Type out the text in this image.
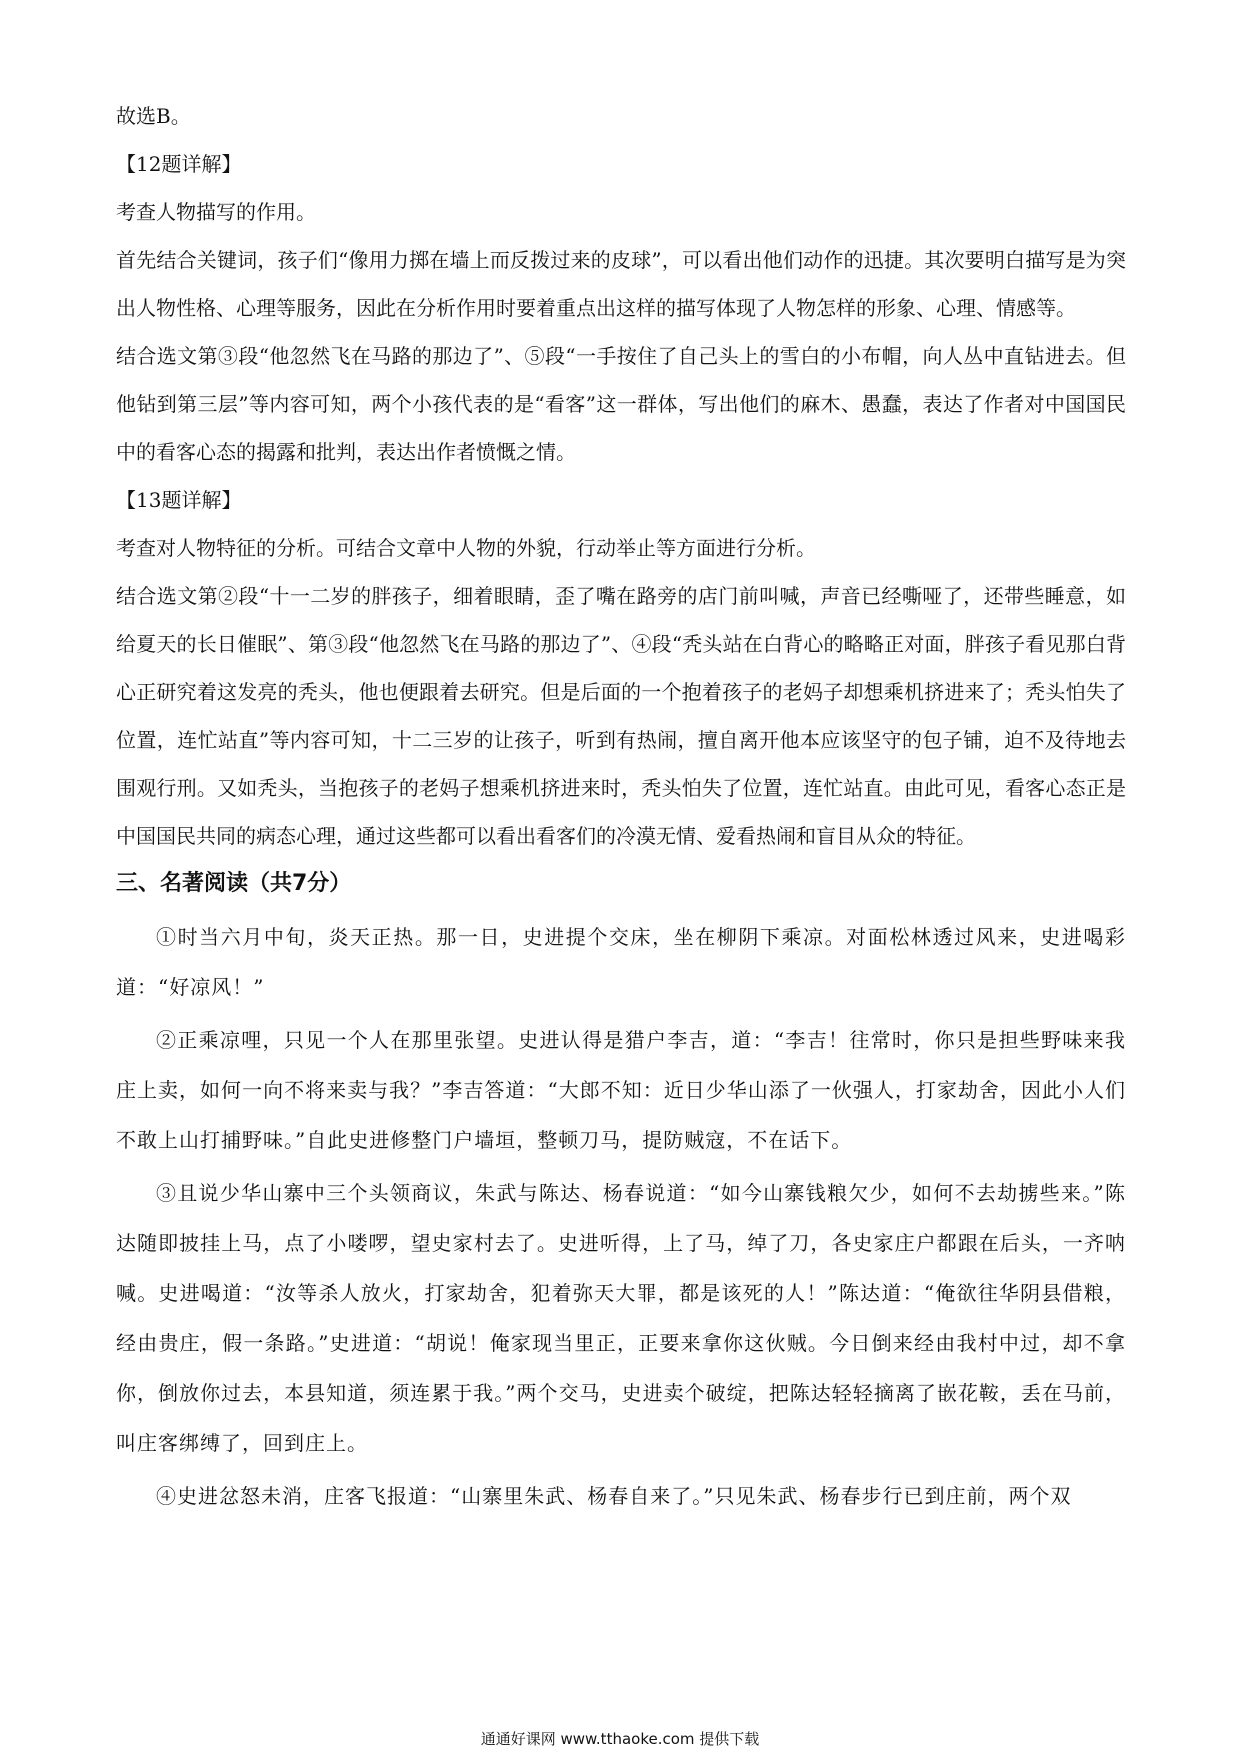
故选B。

【12题详解】

考查人物描写的作用。

首先结合关键词，孩子们“像用力掷在墙上而反拨过来的皮球”，可以看出他们动作的迅捷。其次要明白描写是为突出人物性格、心理等服务，因此在分析作用时要着重点出这样的描写体现了人物怎样的形象、心理、情感等。

结合选文第③段“他忽然飞在马路的那边了”、⑤段“一手按住了自己头上的雪白的小布帽，向人丛中直钻进去。但他钻到第三层”等内容可知，两个小孩代表的是“看客”这一群体，写出他们的麻木、愚蠢，表达了作者对中国国民中的看客心态的揭露和批判，表达出作者愤慨之情。

【13题详解】

考查对人物特征的分析。可结合文章中人物的外貌，行动举止等方面进行分析。

结合选文第②段“十一二岁的胖孩子，细着眼睛，歪了嘴在路旁的店门前叫喊，声音已经嘶哑了，还带些睡意，如给夏天的长日催眠”、第③段“他忽然飞在马路的那边了”、④段“秃头站在白背心的略略正对面，胖孩子看见那白背心正研究着这发亮的秃头，他也便跟着去研究。但是后面的一个抱着孩子的老妈子却想乘机挤进来了；秃头怕失了位置，连忙站直”等内容可知，十二三岁的让孩子，听到有热闹，擅自离开他本应该坚守的包子铺，迫不及待地去围观行刑。又如秃头，当抱孩子的老妈子想乘机挤进来时，秃头怕失了位置，连忙站直。由此可见，看客心态正是中国国民共同的病态心理，通过这些都可以看出看客们的冷漠无情、爱看热闹和盲目从众的特征。

三、名著阅读（共7分）

①时当六月中旬，炎天正热。那一日，史进提个交床，坐在柳阴下乘凉。对面松林透过风来，史进喝彩道：“好凉风！”

②正乘凉哩，只见一个人在那里张望。史进认得是猎户李吉，道：“李吉！往常时，你只是担些野味来我庄上卖，如何一向不将来卖与我？”李吉答道：“大郎不知：近日少华山添了一伙强人，打家劫舍，因此小人们不敢上山打捕野味。”自此史进修整门户墙垣，整顿刀马，提防贼寇，不在话下。

③且说少华山寨中三个头领商议，朱武与陈达、杨春说道：“如今山寨钱粮欠少，如何不去劫掳些来。”陈达随即披挂上马，点了小喽啰，望史家村去了。史进听得，上了马，绰了刀，各史家庄户都跟在后头，一齐呐喊。史进喝道：“汝等杀人放火，打家劫舍，犯着弥天大罪，都是该死的人！”陈达道：“俺欲往华阴县借粮，经由贵庄，假一条路。”史进道：“胡说！俺家现当里正，正要来拿你这伙贼。今日倒来经由我村中过，却不拿你，倒放你过去，本县知道，须连累于我。”两个交马，史进卖个破绽，把陈达轻轻摘离了嵌花鞍，丢在马前，叫庄客绑缚了，回到庄上。

④史进忿怒未消，庄客飞报道：“山寨里朱武、杨春自来了。”只见朱武、杨春步行已到庄前，两个双

通通好课网 www.tthaoke.com 提供下载
